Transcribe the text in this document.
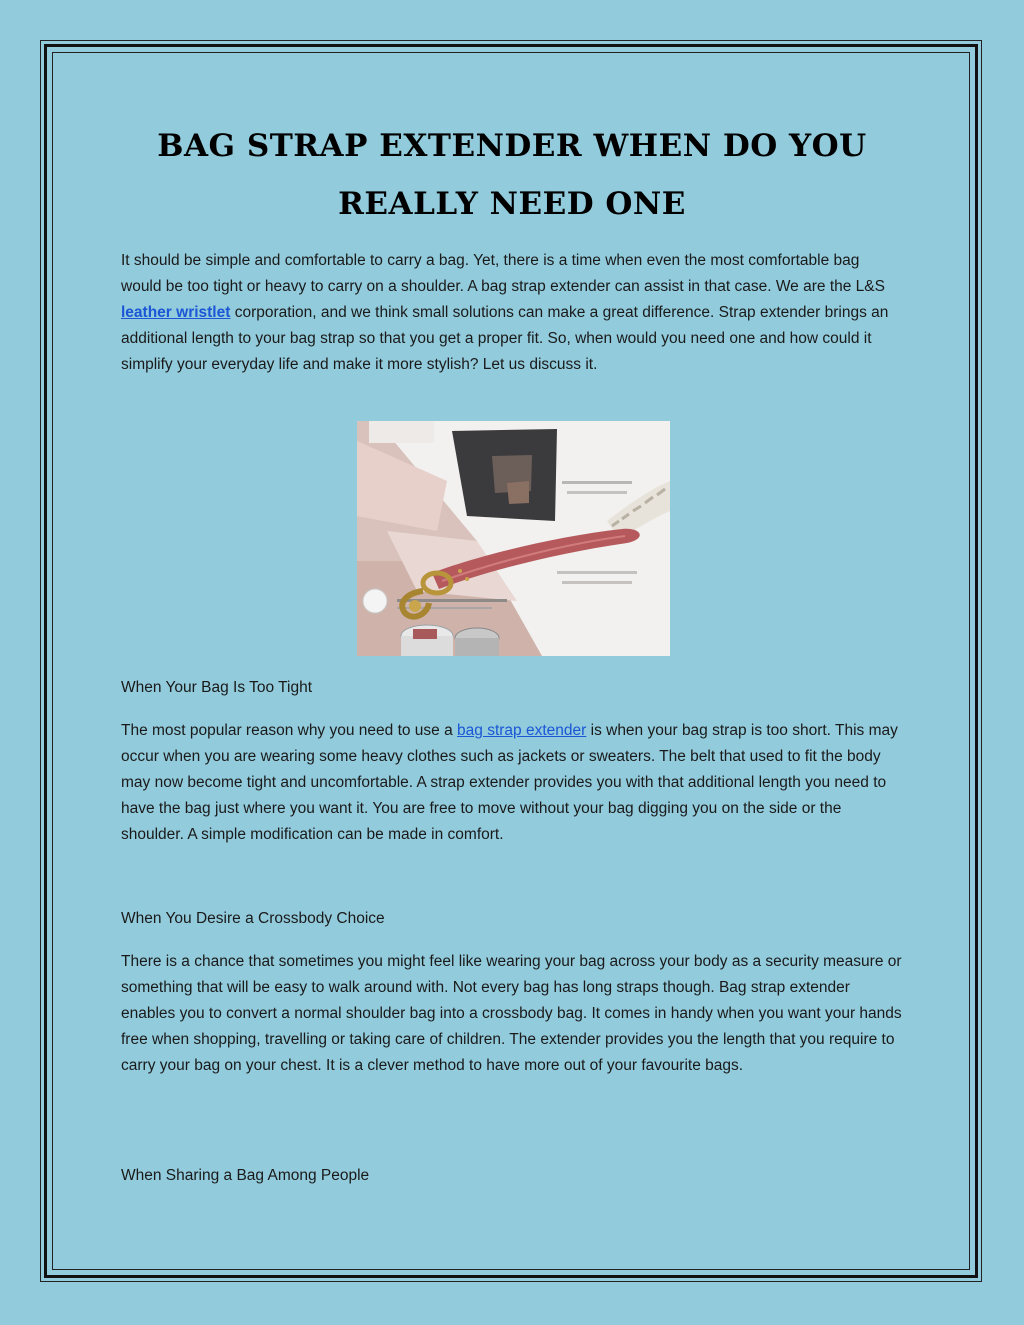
BAG STRAP EXTENDER WHEN DO YOU REALLY NEED ONE

It should be simple and comfortable to carry a bag. Yet, there is a time when even the most comfortable bag would be too tight or heavy to carry on a shoulder. A bag strap extender can assist in that case. We are the L&S leather wristlet corporation, and we think small solutions can make a great difference. Strap extender brings an additional length to your bag strap so that you get a proper fit. So, when would you need one and how could it simplify your everyday life and make it more stylish? Let us discuss it.

When Your Bag Is Too Tight

The most popular reason why you need to use a bag strap extender is when your bag strap is too short. This may occur when you are wearing some heavy clothes such as jackets or sweaters. The belt that used to fit the body may now become tight and uncomfortable. A strap extender provides you with that additional length you need to have the bag just where you want it. You are free to move without your bag digging you on the side or the shoulder. A simple modification can be made in comfort.

When You Desire a Crossbody Choice

There is a chance that sometimes you might feel like wearing your bag across your body as a security measure or something that will be easy to walk around with. Not every bag has long straps though. Bag strap extender enables you to convert a normal shoulder bag into a crossbody bag. It comes in handy when you want your hands free when shopping, travelling or taking care of children. The extender provides you the length that you require to carry your bag on your chest. It is a clever method to have more out of your favourite bags.

When Sharing a Bag Among People
